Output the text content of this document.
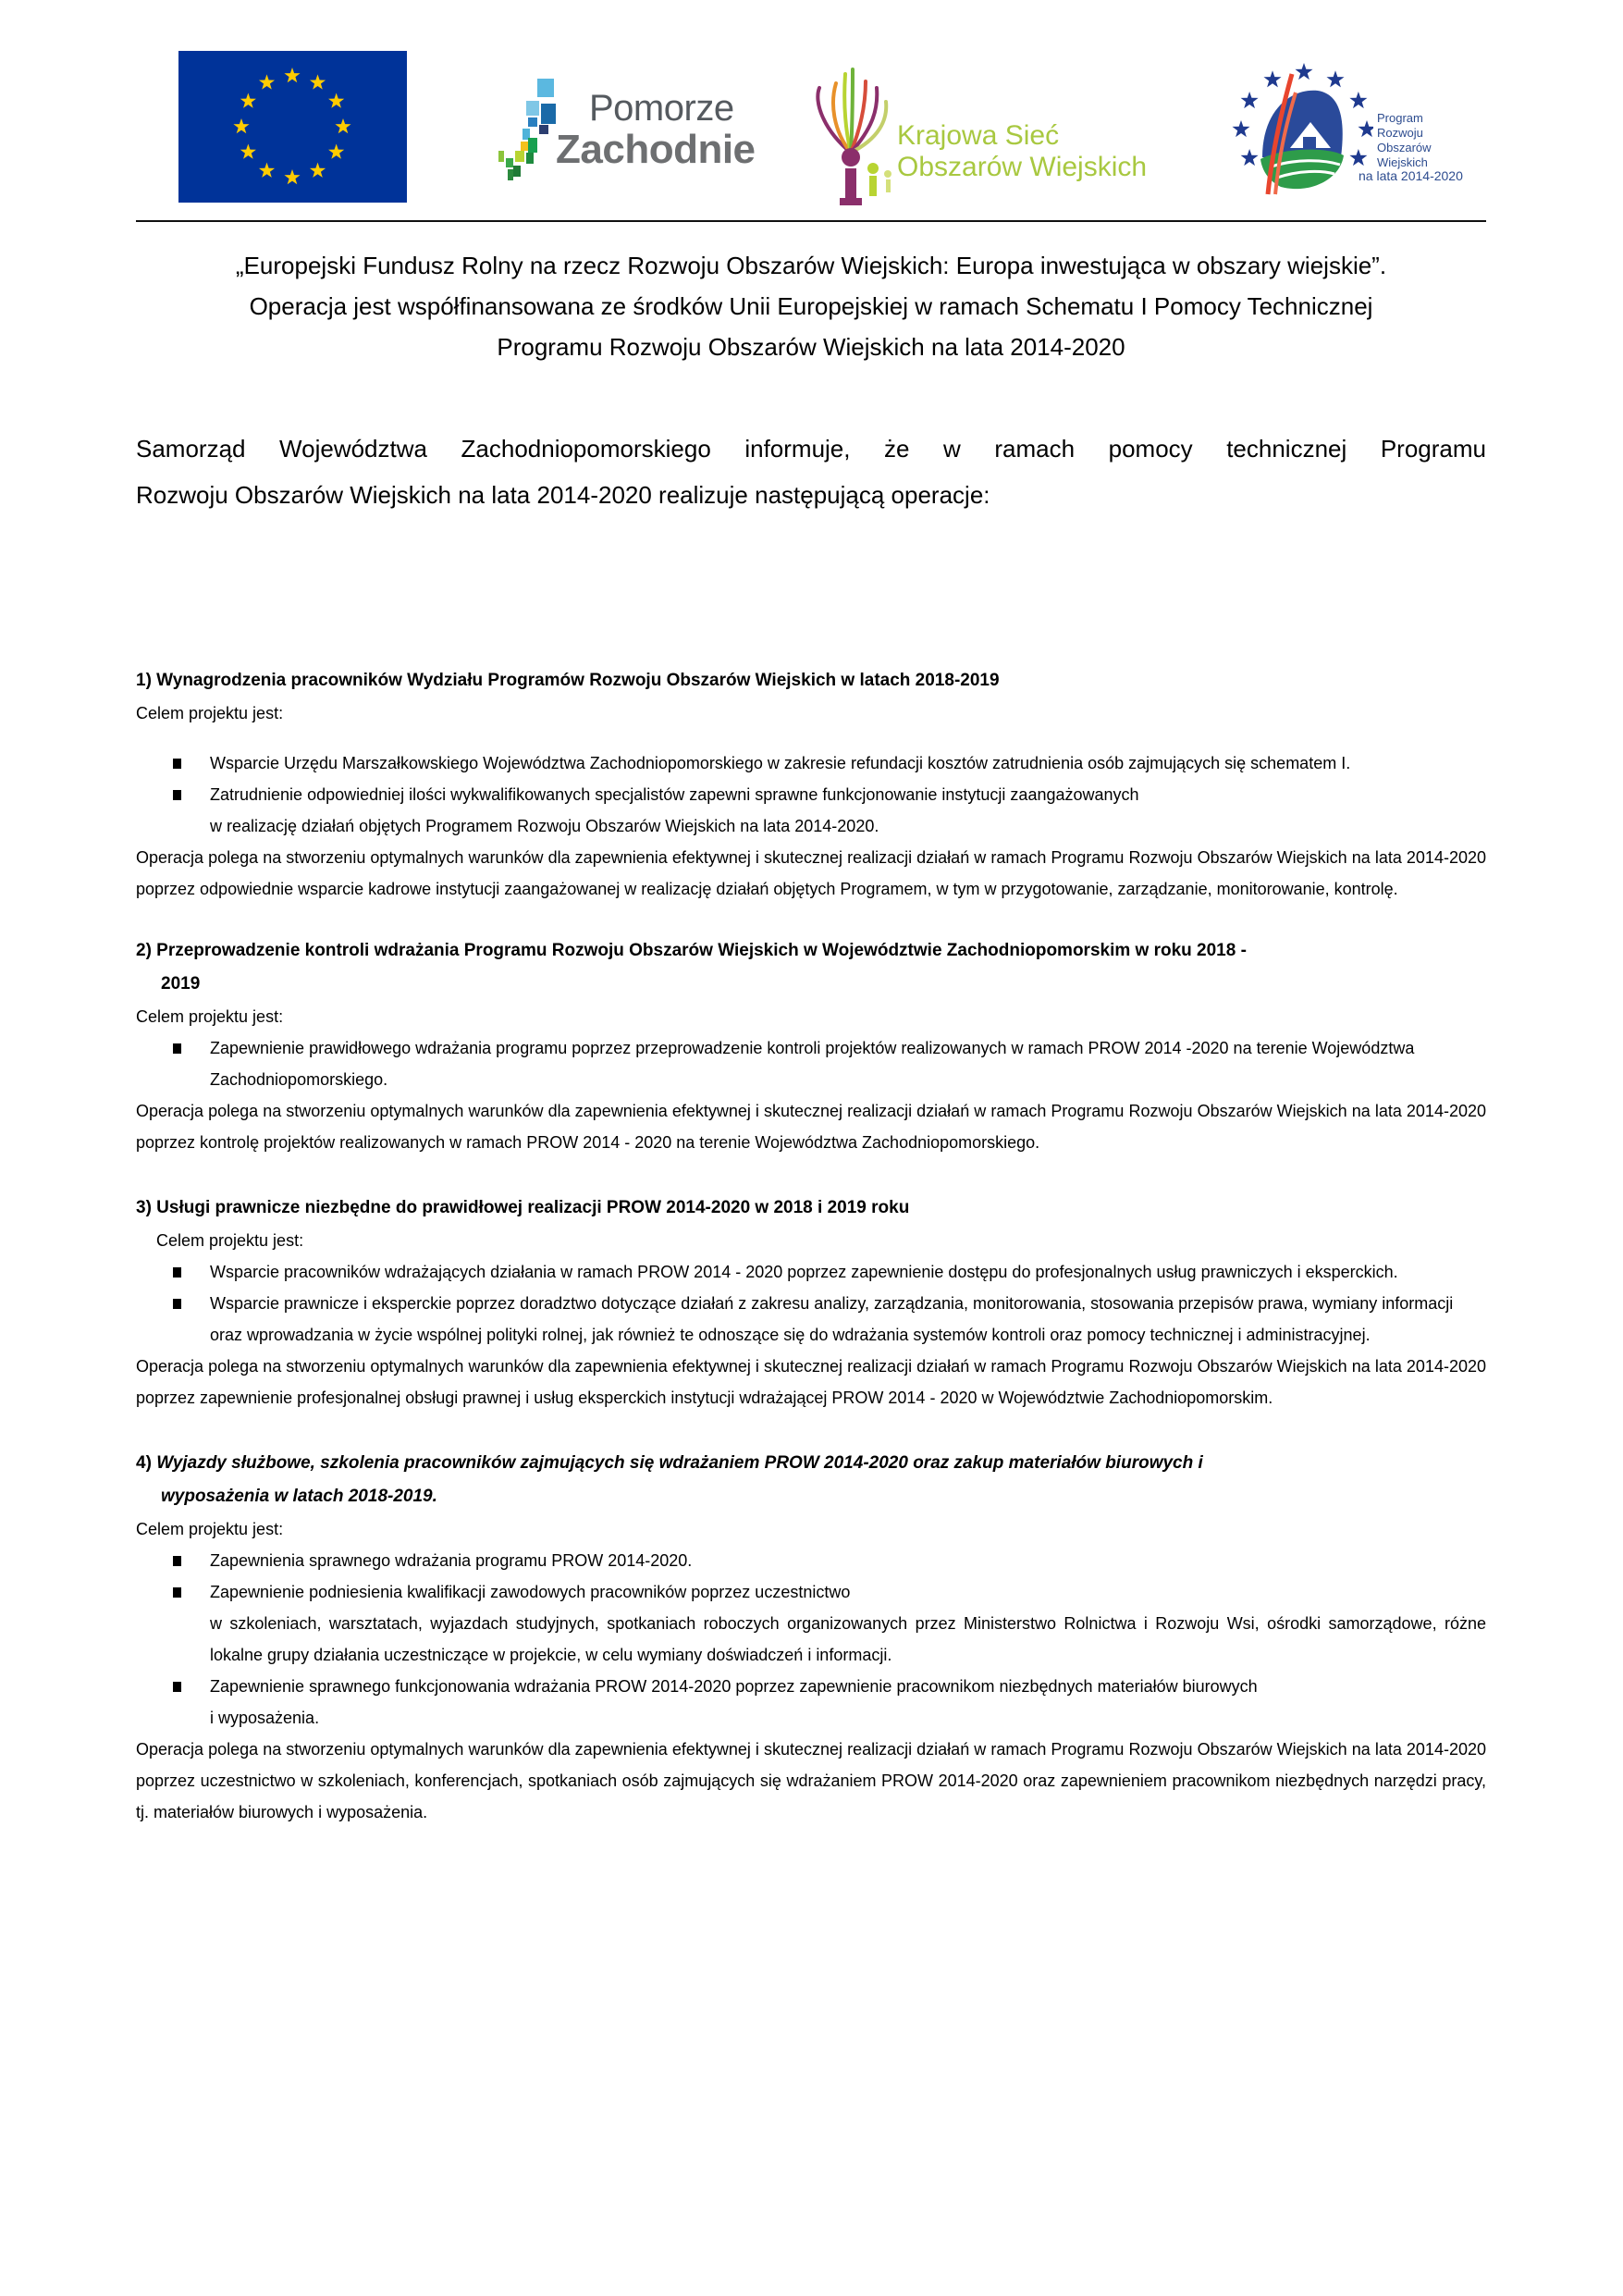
Pomorze
Zachodnie	Krajowa Sieć
Obszarów Wiejskich
Program
Rozwoju
Obszarów
Wiejskich
na lata 2014-2020
„Europejski Fundusz Rolny na rzecz Rozwoju Obszarów Wiejskich: Europa inwestująca w obszary wiejskie”.
Operacja jest współfinansowana ze środków Unii Europejskiej w ramach Schematu I Pomocy Technicznej
Programu Rozwoju Obszarów Wiejskich na lata 2014-2020
Samorząd Województwa Zachodniopomorskiego informuje, że w ramach pomocy technicznej Programu
Rozwoju Obszarów Wiejskich na lata 2014-2020 realizuje następującą operacje:

1) Wynagrodzenia pracowników Wydziału Programów Rozwoju Obszarów Wiejskich w latach 2018-2019

Celem projektu jest:

Wsparcie Urzędu Marszałkowskiego Województwa Zachodniopomorskiego w zakresie refundacji kosztów zatrudnienia osób zajmujących się schematem I.
Zatrudnienie odpowiedniej ilości wykwalifikowanych specjalistów zapewni sprawne funkcjonowanie instytucji zaangażowanych
w realizację działań objętych Programem Rozwoju Obszarów Wiejskich na lata 2014-2020.

Operacja polega na stworzeniu optymalnych warunków dla zapewnienia efektywnej i skutecznej realizacji działań w ramach Programu Rozwoju Obszarów Wiejskich na lata 2014-2020 poprzez odpowiednie wsparcie kadrowe instytucji zaangażowanej w realizację działań objętych Programem, w tym w przygotowanie, zarządzanie, monitorowanie, kontrolę.

2) Przeprowadzenie kontroli wdrażania Programu Rozwoju Obszarów Wiejskich w Województwie Zachodniopomorskim w roku 2018 -
2019

Celem projektu jest:

Zapewnienie prawidłowego wdrażania programu poprzez przeprowadzenie kontroli projektów realizowanych w ramach PROW 2014 -2020 na terenie Województwa Zachodniopomorskiego.

Operacja polega na stworzeniu optymalnych warunków dla zapewnienia efektywnej i skutecznej realizacji działań w ramach Programu Rozwoju Obszarów Wiejskich na lata 2014-2020 poprzez kontrolę projektów realizowanych w ramach PROW 2014 - 2020 na terenie Województwa Zachodniopomorskiego.

3) Usługi prawnicze niezbędne do prawidłowej realizacji PROW 2014-2020 w 2018 i 2019 roku

Celem projektu jest:

Wsparcie pracowników wdrażających działania w ramach PROW 2014 - 2020 poprzez zapewnienie dostępu do profesjonalnych usług prawniczych i eksperckich.
Wsparcie prawnicze i eksperckie poprzez doradztwo dotyczące działań z zakresu analizy, zarządzania, monitorowania, stosowania przepisów prawa, wymiany informacji oraz wprowadzania w życie wspólnej polityki rolnej, jak również te odnoszące się do wdrażania systemów kontroli oraz pomocy technicznej i administracyjnej.

Operacja polega na stworzeniu optymalnych warunków dla zapewnienia efektywnej i skutecznej realizacji działań w ramach Programu Rozwoju Obszarów Wiejskich na lata 2014-2020 poprzez zapewnienie profesjonalnej obsługi prawnej i usług eksperckich instytucji wdrażającej PROW 2014 - 2020 w Województwie Zachodniopomorskim.

4) Wyjazdy służbowe, szkolenia pracowników zajmujących się wdrażaniem PROW 2014-2020 oraz zakup materiałów biurowych i
wyposażenia w latach 2018-2019.

Celem projektu jest:

Zapewnienia sprawnego wdrażania programu PROW 2014-2020.
Zapewnienie podniesienia kwalifikacji zawodowych pracowników poprzez uczestnictwo
w szkoleniach, warsztatach, wyjazdach studyjnych, spotkaniach roboczych organizowanych przez Ministerstwo Rolnictwa i Rozwoju Wsi, ośrodki samorządowe, różne lokalne grupy działania uczestniczące w projekcie, w celu wymiany doświadczeń i informacji.
Zapewnienie sprawnego funkcjonowania wdrażania PROW 2014-2020 poprzez zapewnienie pracownikom niezbędnych materiałów biurowych
i wyposażenia.

Operacja polega na stworzeniu optymalnych warunków dla zapewnienia efektywnej i skutecznej realizacji działań w ramach Programu Rozwoju Obszarów Wiejskich na lata 2014-2020 poprzez uczestnictwo w szkoleniach, konferencjach, spotkaniach osób zajmujących się wdrażaniem PROW 2014-2020 oraz zapewnieniem pracownikom niezbędnych narzędzi pracy, tj. materiałów biurowych i wyposażenia.
